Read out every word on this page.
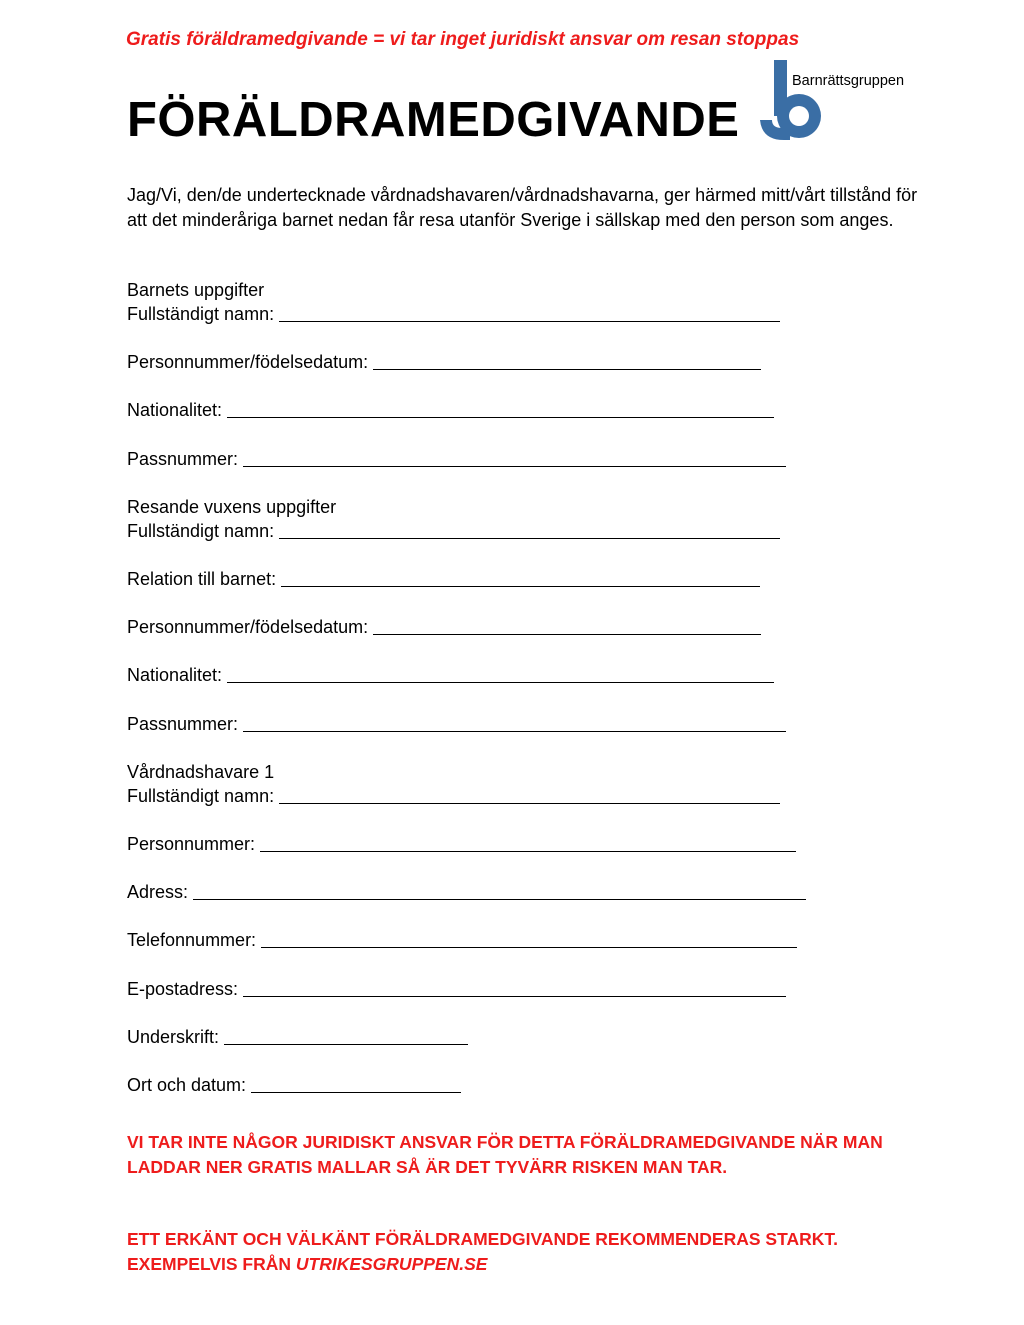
Gratis föräldramedgivande = vi tar inget juridiskt ansvar om resan stoppas
FÖRÄLDRAMEDGIVANDE
Barnrättsgruppen
Jag/Vi, den/de undertecknade vårdnadshavaren/vårdnadshavarna, ger härmed mitt/vårt tillstånd för att det minderåriga barnet nedan får resa utanför Sverige i sällskap med den person som anges.
Barnets uppgifter
Fullständigt namn:
Personnummer/födelsedatum:
Nationalitet:
Passnummer:
Resande vuxens uppgifter
Fullständigt namn:
Relation till barnet:
Personnummer/födelsedatum:
Nationalitet:
Passnummer:
Vårdnadshavare 1
Fullständigt namn:
Personnummer:
Adress:
Telefonnummer:
E-postadress:
Underskrift:
Ort och datum:
VI TAR INTE NÅGOR JURIDISKT ANSVAR FÖR DETTA FÖRÄLDRAMEDGIVANDE NÄR MAN LADDAR NER GRATIS MALLAR SÅ ÄR DET TYVÄRR RISKEN MAN TAR.
ETT ERKÄNT OCH VÄLKÄNT FÖRÄLDRAMEDGIVANDE REKOMMENDERAS STARKT. EXEMPELVIS FRÅN UTRIKESGRUPPEN.SE
